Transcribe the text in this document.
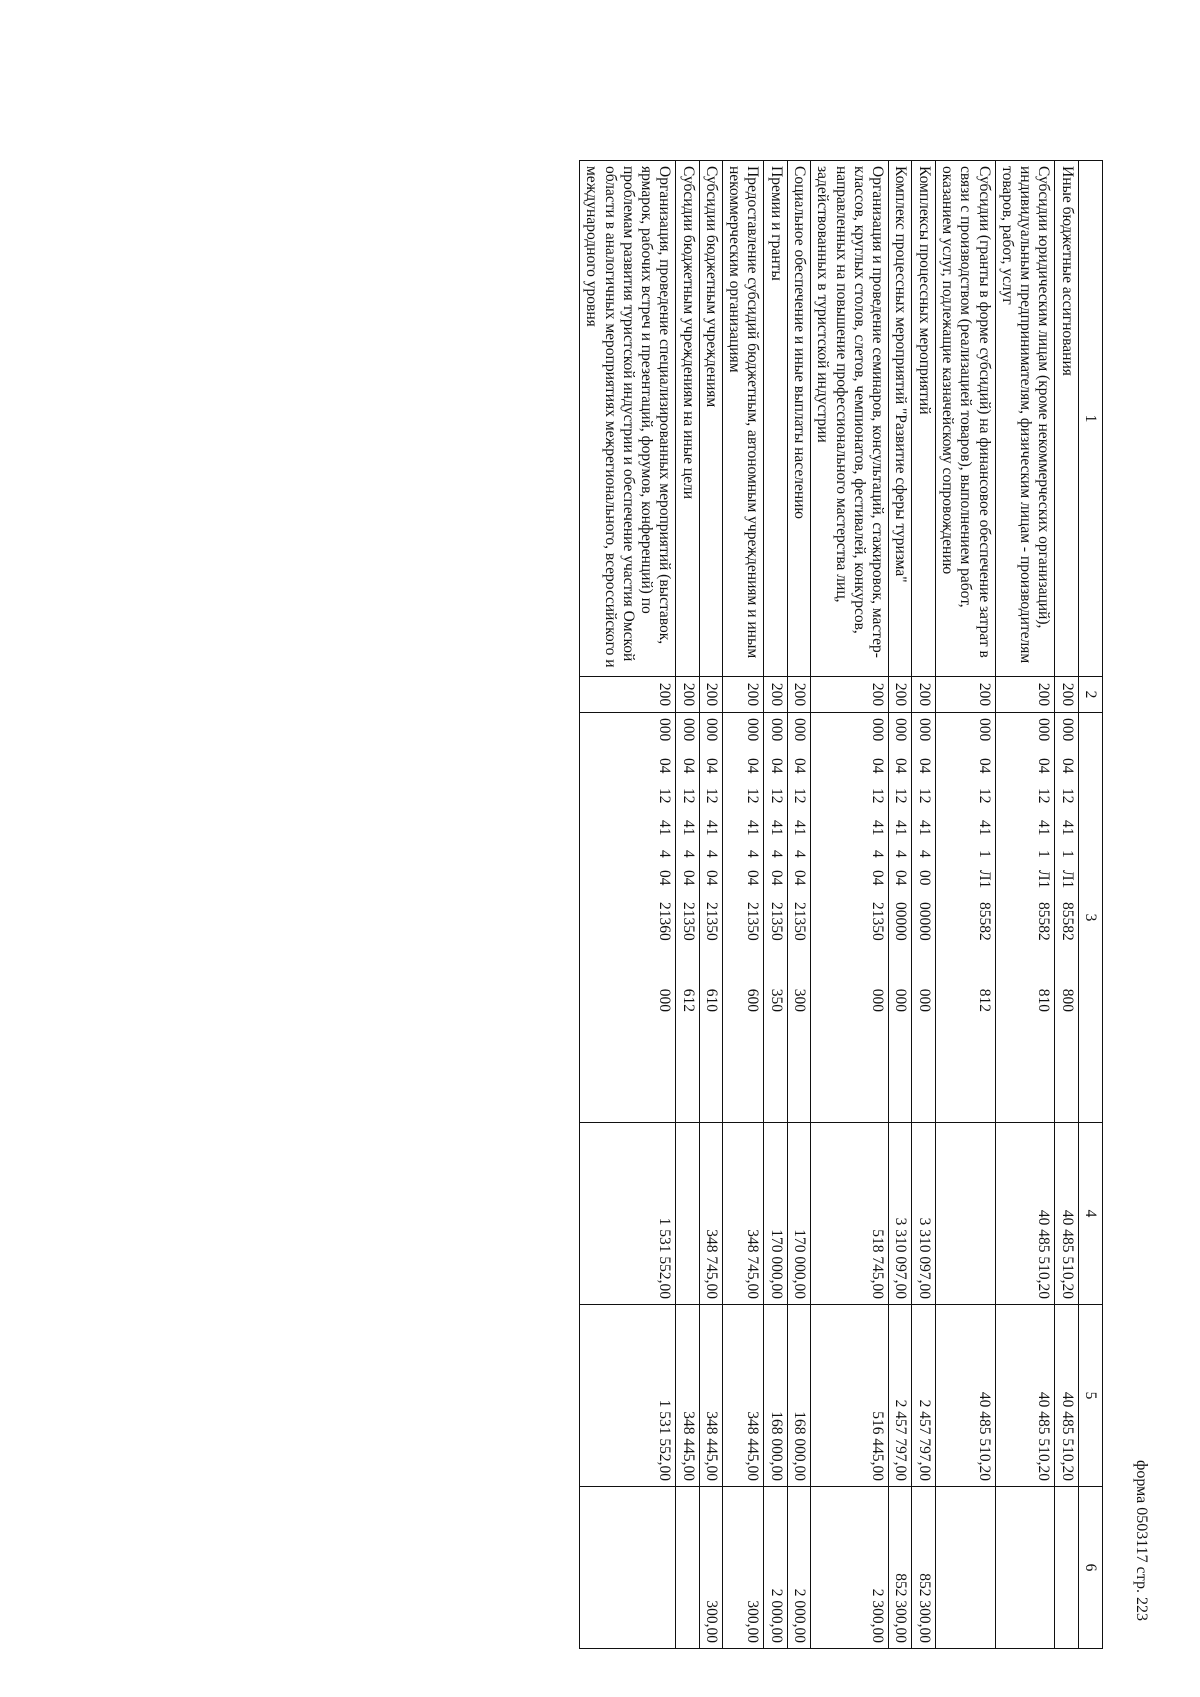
форма 0503117 стр. 223
1	2	3	4	5	6
Иные бюджетные ассигнования	200	0000412411Л185582800	40 485 510,20	40 485 510,20	
Субсидии юридическим лицам (кроме некоммерческих организаций), индивидуальным предпринимателям, физическим лицам - производителям товаров, работ, услуг	200	0000412411Л185582810	40 485 510,20	40 485 510,20	
Субсидии (гранты в форме субсидий) на финансовое обеспечение затрат в связи с производством (реализацией товаров), выполнением работ, оказанием услуг, подлежащие казначейскому сопровождению	200	0000412411Л185582812		40 485 510,20	
Комплексы процессных мероприятий	200	00004124140000000000	3 310 097,00	2 457 797,00	852 300,00
Комплекс процессных мероприятий "Развитие сферы туризма"	200	00004124140400000000	3 310 097,00	2 457 797,00	852 300,00
Организация и проведение семинаров, консультаций, стажировок, мастер-классов, круглых столов, слетов, чемпионатов, фестивалей, конкурсов, направленных на повышение профессионального мастерства лиц, задействованных в туристской индустрии	200	00004124140421350000	518 745,00	516 445,00	2 300,00
Социальное обеспечение и иные выплаты населению	200	00004124140421350300	170 000,00	168 000,00	2 000,00
Премии и гранты	200	00004124140421350350	170 000,00	168 000,00	2 000,00
Предоставление субсидий бюджетным, автономным учреждениям и иным некоммерческим организациям	200	00004124140421350600	348 745,00	348 445,00	300,00
Субсидии бюджетным учреждениям	200	00004124140421350610	348 745,00	348 445,00	300,00
Субсидии бюджетным учреждениям на иные цели	200	00004124140421350612		348 445,00	
Организация, проведение специализированных мероприятий (выставок, ярмарок, рабочих встреч и презентаций, форумов, конференций) по проблемам развития туристской индустрии и обеспечение участия Омской области в аналогичных мероприятиях межрегионального, всероссийского и международного уровня	200	00004124140421360000	1 531 552,00	1 531 552,00	
